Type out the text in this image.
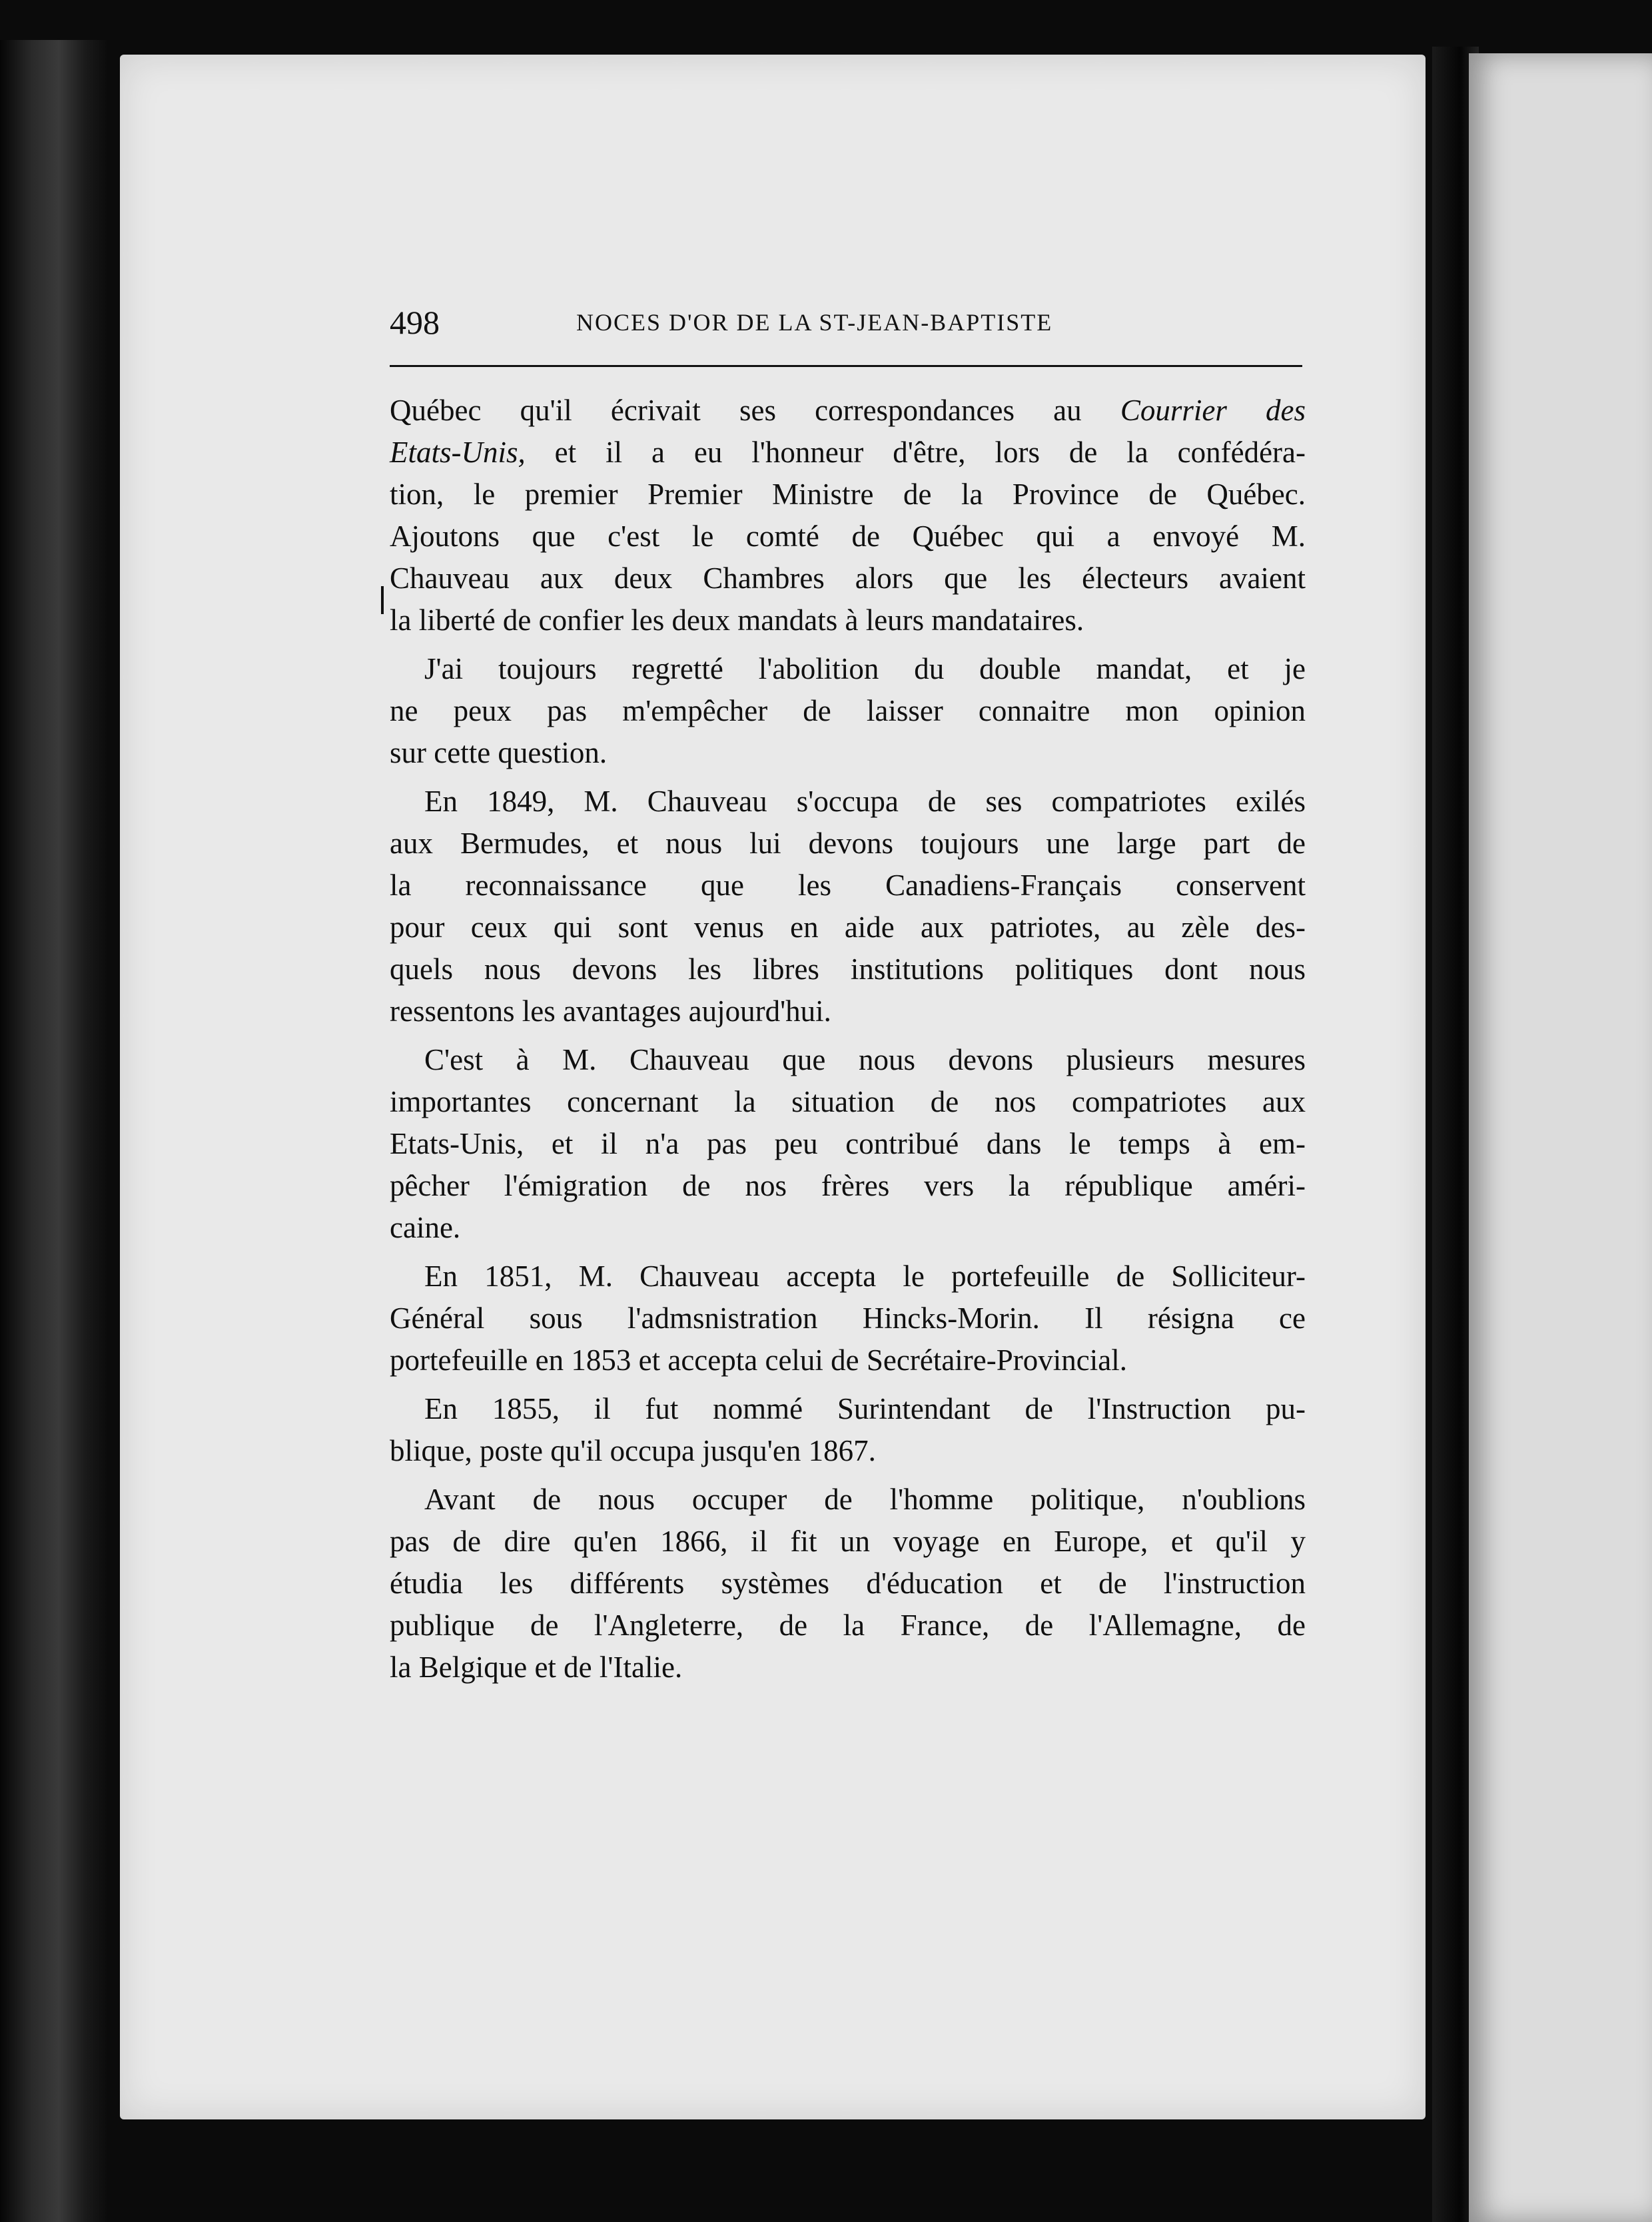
498	NOCES D'OR DE LA ST-JEAN-BAPTISTE
Québec qu'il écrivait ses correspondances au Courrier des
Etats-Unis, et il a eu l'honneur d'être, lors de la confédéra-
tion, le premier Premier Ministre de la Province de Québec.
Ajoutons que c'est le comté de Québec qui a envoyé M.
Chauveau aux deux Chambres alors que les électeurs avaient
la liberté de confier les deux mandats à leurs mandataires.
J'ai toujours regretté l'abolition du double mandat, et je
ne peux pas m'empêcher de laisser connaitre mon opinion
sur cette question.
En 1849, M. Chauveau s'occupa de ses compatriotes exilés
aux Bermudes, et nous lui devons toujours une large part de
la reconnaissance que les Canadiens-Français conservent
pour ceux qui sont venus en aide aux patriotes, au zèle des-
quels nous devons les libres institutions politiques dont nous
ressentons les avantages aujourd'hui.
C'est à M. Chauveau que nous devons plusieurs mesures
importantes concernant la situation de nos compatriotes aux
Etats-Unis, et il n'a pas peu contribué dans le temps à em-
pêcher l'émigration de nos frères vers la république améri-
caine.
En 1851, M. Chauveau accepta le portefeuille de Solliciteur-
Général sous l'admsnistration Hincks-Morin. Il résigna ce
portefeuille en 1853 et accepta celui de Secrétaire-Provincial.
En 1855, il fut nommé Surintendant de l'Instruction pu-
blique, poste qu'il occupa jusqu'en 1867.
Avant de nous occuper de l'homme politique, n'oublions
pas de dire qu'en 1866, il fit un voyage en Europe, et qu'il y
étudia les différents systèmes d'éducation et de l'instruction
publique de l'Angleterre, de la France, de l'Allemagne, de
la Belgique et de l'Italie.
